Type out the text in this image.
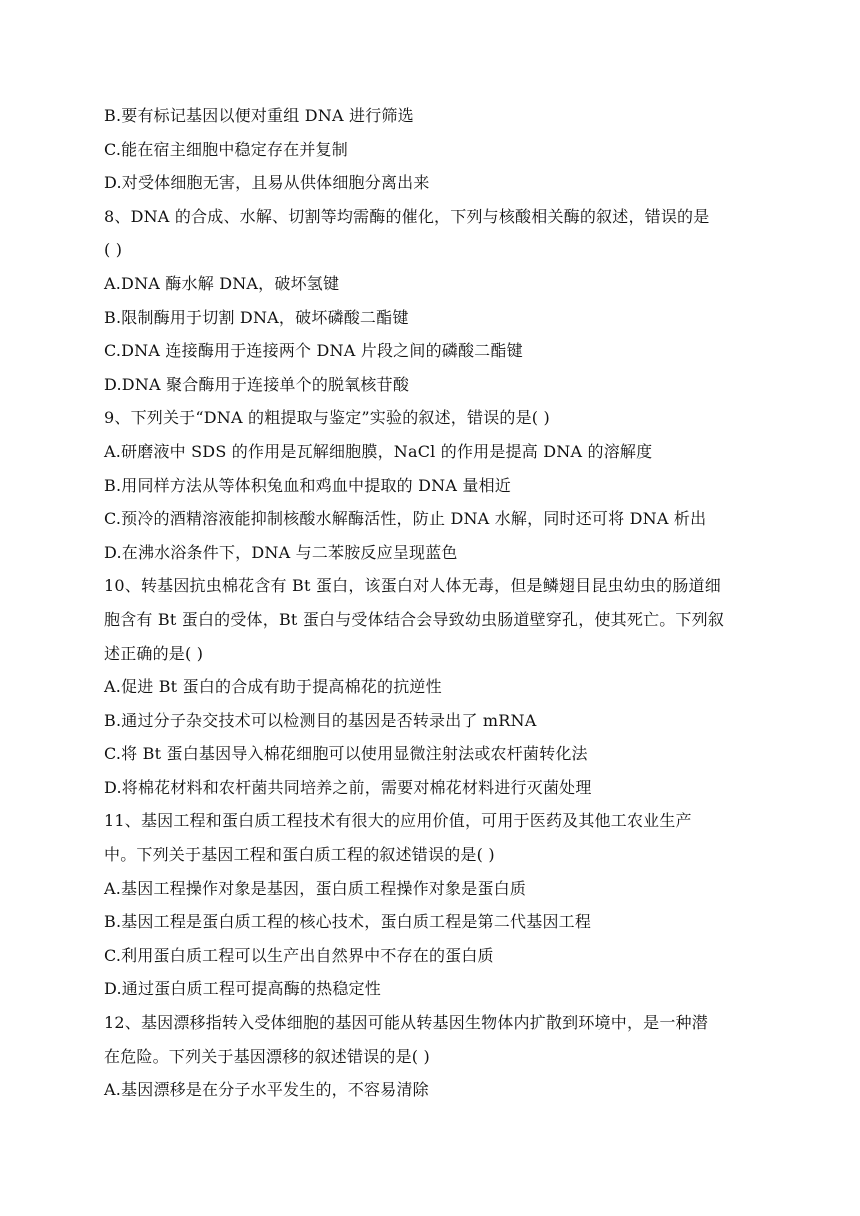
B.要有标记基因以便对重组 DNA 进行筛选
C.能在宿主细胞中稳定存在并复制
D.对受体细胞无害，且易从供体细胞分离出来
8、DNA 的合成、水解、切割等均需酶的催化，下列与核酸相关酶的叙述，错误的是
( )
A.DNA 酶水解 DNA，破坏氢键
B.限制酶用于切割 DNA，破坏磷酸二酯键
C.DNA 连接酶用于连接两个 DNA 片段之间的磷酸二酯键
D.DNA 聚合酶用于连接单个的脱氧核苷酸
9、下列关于“DNA 的粗提取与鉴定”实验的叙述，错误的是( )
A.研磨液中 SDS 的作用是瓦解细胞膜，NaCl 的作用是提高 DNA 的溶解度
B.用同样方法从等体积兔血和鸡血中提取的 DNA 量相近
C.预冷的酒精溶液能抑制核酸水解酶活性，防止 DNA 水解，同时还可将 DNA 析出
D.在沸水浴条件下，DNA 与二苯胺反应呈现蓝色
10、转基因抗虫棉花含有 Bt 蛋白，该蛋白对人体无毒，但是鳞翅目昆虫幼虫的肠道细
胞含有 Bt 蛋白的受体，Bt 蛋白与受体结合会导致幼虫肠道壁穿孔，使其死亡。下列叙
述正确的是( )
A.促进 Bt 蛋白的合成有助于提高棉花的抗逆性
B.通过分子杂交技术可以检测目的基因是否转录出了 mRNA
C.将 Bt 蛋白基因导入棉花细胞可以使用显微注射法或农杆菌转化法
D.将棉花材料和农杆菌共同培养之前，需要对棉花材料进行灭菌处理
11、基因工程和蛋白质工程技术有很大的应用价值，可用于医药及其他工农业生产
中。下列关于基因工程和蛋白质工程的叙述错误的是( )
A.基因工程操作对象是基因，蛋白质工程操作对象是蛋白质
B.基因工程是蛋白质工程的核心技术，蛋白质工程是第二代基因工程
C.利用蛋白质工程可以生产出自然界中不存在的蛋白质
D.通过蛋白质工程可提高酶的热稳定性
12、基因漂移指转入受体细胞的基因可能从转基因生物体内扩散到环境中，是一种潜
在危险。下列关于基因漂移的叙述错误的是( )
A.基因漂移是在分子水平发生的，不容易清除
